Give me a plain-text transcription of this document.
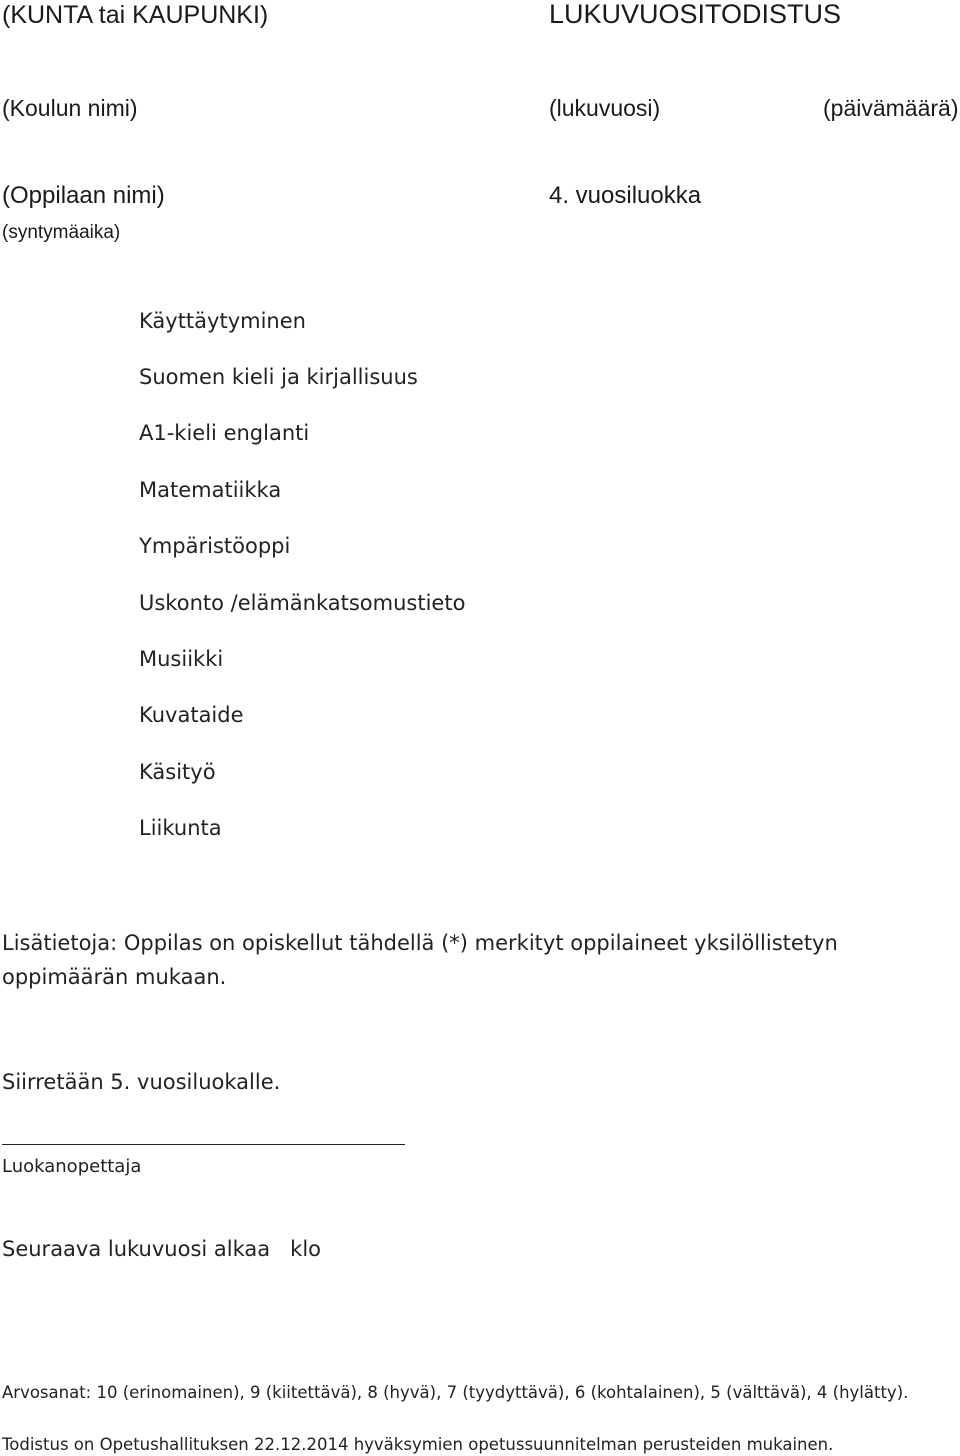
(KUNTA tai KAUPUNKI)	LUKUVUOSITODISTUS
(Koulun nimi)	(lukuvuosi)	(päivämäärä)
(Oppilaan nimi)	4. vuosiluokka
(syntymäaika)
Käyttäytyminen
Suomen kieli ja kirjallisuus
A1-kieli englanti
Matematiikka
Ympäristöoppi
Uskonto /elämänkatsomustieto
Musiikki
Kuvataide
Käsityö
Liikunta
Lisätietoja: Oppilas on opiskellut tähdellä (*) merkityt oppilaineet yksilöllistetyn oppimäärän mukaan.
Siirretään 5. vuosiluokalle.
Luokanopettaja
Seuraava lukuvuosi alkaa   klo
Arvosanat: 10 (erinomainen), 9 (kiitettävä), 8 (hyvä), 7 (tyydyttävä), 6 (kohtalainen), 5 (välttävä), 4 (hylätty).
Todistus on Opetushallituksen 22.12.2014 hyväksymien opetussuunnitelman perusteiden mukainen.
